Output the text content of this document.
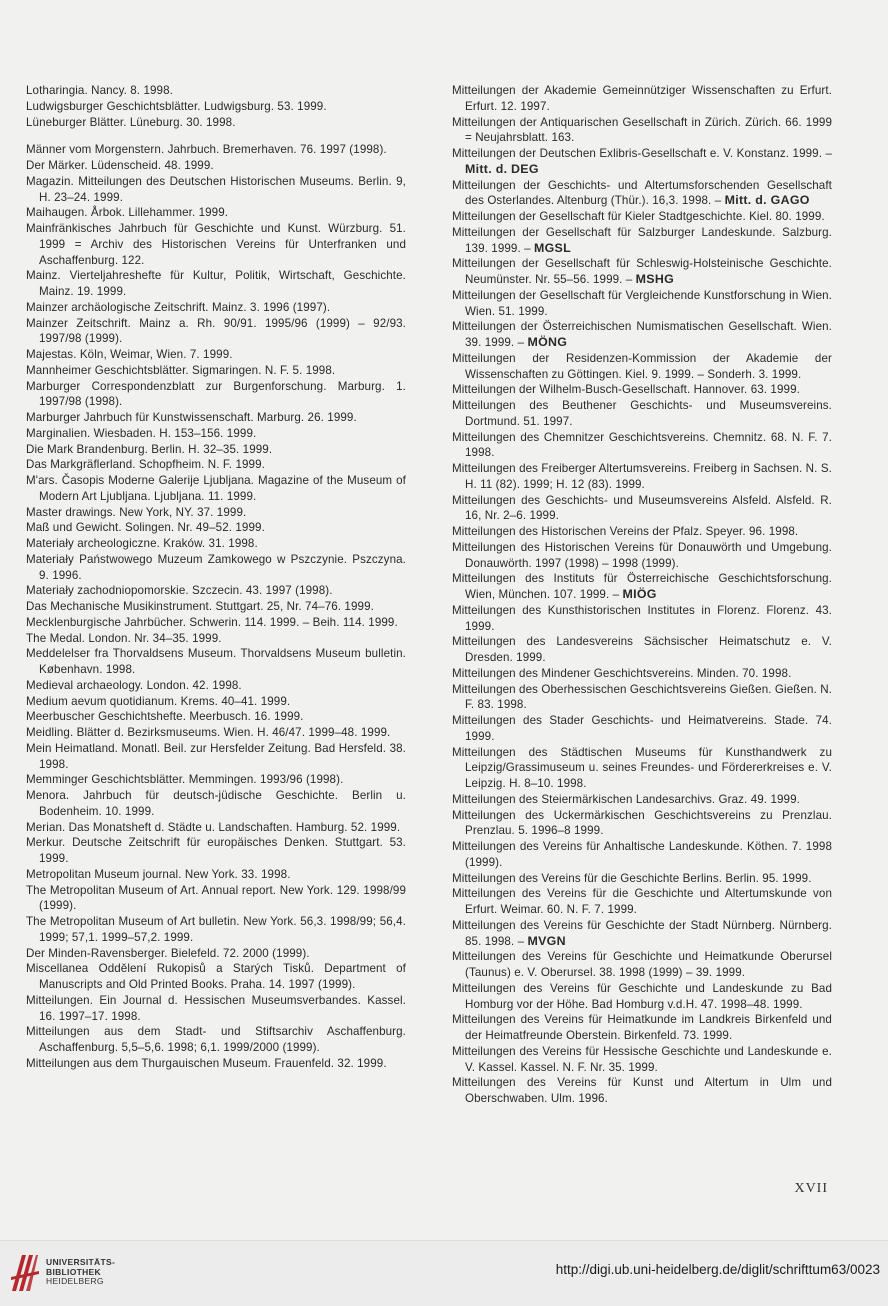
Lotharingia. Nancy. 8. 1998.

Ludwigsburger Geschichtsblätter. Ludwigsburg. 53. 1999.

Lüneburger Blätter. Lüneburg. 30. 1998.

Männer vom Morgenstern. Jahrbuch. Bremerhaven. 76. 1997 (1998).

Der Märker. Lüdenscheid. 48. 1999.

Magazin. Mitteilungen des Deutschen Historischen Museums. Berlin. 9, H. 23–24. 1999.

Maihaugen. Årbok. Lillehammer. 1999.

Mainfränkisches Jahrbuch für Geschichte und Kunst. Würzburg. 51. 1999 = Archiv des Historischen Vereins für Unterfranken und Aschaffenburg. 122.

Mainz. Vierteljahreshefte für Kultur, Politik, Wirtschaft, Geschichte. Mainz. 19. 1999.

Mainzer archäologische Zeitschrift. Mainz. 3. 1996 (1997).

Mainzer Zeitschrift. Mainz a. Rh. 90/91. 1995/96 (1999) – 92/93. 1997/98 (1999).

Majestas. Köln, Weimar, Wien. 7. 1999.

Mannheimer Geschichtsblätter. Sigmaringen. N. F. 5. 1998.

Marburger Correspondenzblatt zur Burgenforschung. Marburg. 1. 1997/98 (1998).

Marburger Jahrbuch für Kunstwissenschaft. Marburg. 26. 1999.

Marginalien. Wiesbaden. H. 153–156. 1999.

Die Mark Brandenburg. Berlin. H. 32–35. 1999.

Das Markgräflerland. Schopfheim. N. F. 1999.

M'ars. Časopis Moderne Galerije Ljubljana. Magazine of the Museum of Modern Art Ljubljana. Ljubljana. 11. 1999.

Master drawings. New York, NY. 37. 1999.

Maß und Gewicht. Solingen. Nr. 49–52. 1999.

Materiały archeologiczne. Kraków. 31. 1998.

Materiały Państwowego Muzeum Zamkowego w Pszczynie. Pszczyna. 9. 1996.

Materiały zachodniopomorskie. Szczecin. 43. 1997 (1998).

Das Mechanische Musikinstrument. Stuttgart. 25, Nr. 74–76. 1999.

Mecklenburgische Jahrbücher. Schwerin. 114. 1999. – Beih. 114. 1999.

The Medal. London. Nr. 34–35. 1999.

Meddelelser fra Thorvaldsens Museum. Thorvaldsens Museum bulletin. København. 1998.

Medieval archaeology. London. 42. 1998.

Medium aevum quotidianum. Krems. 40–41. 1999.

Meerbuscher Geschichtshefte. Meerbusch. 16. 1999.

Meidling. Blätter d. Bezirksmuseums. Wien. H. 46/47. 1999–48. 1999.

Mein Heimatland. Monatl. Beil. zur Hersfelder Zeitung. Bad Hersfeld. 38. 1998.

Memminger Geschichtsblätter. Memmingen. 1993/96 (1998).

Menora. Jahrbuch für deutsch-jüdische Geschichte. Berlin u. Bodenheim. 10. 1999.

Merian. Das Monatsheft d. Städte u. Landschaften. Hamburg. 52. 1999.

Merkur. Deutsche Zeitschrift für europäisches Denken. Stuttgart. 53. 1999.

Metropolitan Museum journal. New York. 33. 1998.

The Metropolitan Museum of Art. Annual report. New York. 129. 1998/99 (1999).

The Metropolitan Museum of Art bulletin. New York. 56,3. 1998/99; 56,4. 1999; 57,1. 1999–57,2. 1999.

Der Minden-Ravensberger. Bielefeld. 72. 2000 (1999).

Miscellanea Oddělení Rukopisů a Starých Tisků. Department of Manuscripts and Old Printed Books. Praha. 14. 1997 (1999).

Mitteilungen. Ein Journal d. Hessischen Museumsverbandes. Kassel. 16. 1997–17. 1998.

Mitteilungen aus dem Stadt- und Stiftsarchiv Aschaffenburg. Aschaffenburg. 5,5–5,6. 1998; 6,1. 1999/2000 (1999).

Mitteilungen aus dem Thurgauischen Museum. Frauenfeld. 32. 1999.

Mitteilungen der Akademie Gemeinnütziger Wissenschaften zu Erfurt. Erfurt. 12. 1997.

Mitteilungen der Antiquarischen Gesellschaft in Zürich. Zürich. 66. 1999 = Neujahrsblatt. 163.

Mitteilungen der Deutschen Exlibris-Gesellschaft e. V. Konstanz. 1999. – Mitt. d. DEG

Mitteilungen der Geschichts- und Altertumsforschenden Gesellschaft des Osterlandes. Altenburg (Thür.). 16,3. 1998. – Mitt. d. GAGO

Mitteilungen der Gesellschaft für Kieler Stadtgeschichte. Kiel. 80. 1999.

Mitteilungen der Gesellschaft für Salzburger Landeskunde. Salzburg. 139. 1999. – MGSL

Mitteilungen der Gesellschaft für Schleswig-Holsteinische Geschichte. Neumünster. Nr. 55–56. 1999. – MSHG

Mitteilungen der Gesellschaft für Vergleichende Kunstforschung in Wien. Wien. 51. 1999.

Mitteilungen der Österreichischen Numismatischen Gesellschaft. Wien. 39. 1999. – MÖNG

Mitteilungen der Residenzen-Kommission der Akademie der Wissenschaften zu Göttingen. Kiel. 9. 1999. – Sonderh. 3. 1999.

Mitteilungen der Wilhelm-Busch-Gesellschaft. Hannover. 63. 1999.

Mitteilungen des Beuthener Geschichts- und Museumsvereins. Dortmund. 51. 1997.

Mitteilungen des Chemnitzer Geschichtsvereins. Chemnitz. 68. N. F. 7. 1998.

Mitteilungen des Freiberger Altertumsvereins. Freiberg in Sachsen. N. S. H. 11 (82). 1999; H. 12 (83). 1999.

Mitteilungen des Geschichts- und Museumsvereins Alsfeld. Alsfeld. R. 16, Nr. 2–6. 1999.

Mitteilungen des Historischen Vereins der Pfalz. Speyer. 96. 1998.

Mitteilungen des Historischen Vereins für Donauwörth und Umgebung. Donauwörth. 1997 (1998) – 1998 (1999).

Mitteilungen des Instituts für Österreichische Geschichtsforschung. Wien, München. 107. 1999. – MIÖG

Mitteilungen des Kunsthistorischen Institutes in Florenz. Florenz. 43. 1999.

Mitteilungen des Landesvereins Sächsischer Heimatschutz e. V. Dresden. 1999.

Mitteilungen des Mindener Geschichtsvereins. Minden. 70. 1998.

Mitteilungen des Oberhessischen Geschichtsvereins Gießen. Gießen. N. F. 83. 1998.

Mitteilungen des Stader Geschichts- und Heimatvereins. Stade. 74. 1999.

Mitteilungen des Städtischen Museums für Kunsthandwerk zu Leipzig/Grassimuseum u. seines Freundes- und Fördererkreises e. V. Leipzig. H. 8–10. 1998.

Mitteilungen des Steiermärkischen Landesarchivs. Graz. 49. 1999.

Mitteilungen des Uckermärkischen Geschichtsvereins zu Prenzlau. Prenzlau. 5. 1996–8 1999.

Mitteilungen des Vereins für Anhaltische Landeskunde. Köthen. 7. 1998 (1999).

Mitteilungen des Vereins für die Geschichte Berlins. Berlin. 95. 1999.

Mitteilungen des Vereins für die Geschichte und Altertumskunde von Erfurt. Weimar. 60. N. F. 7. 1999.

Mitteilungen des Vereins für Geschichte der Stadt Nürnberg. Nürnberg. 85. 1998. – MVGN

Mitteilungen des Vereins für Geschichte und Heimatkunde Oberursel (Taunus) e. V. Oberursel. 38. 1998 (1999) – 39. 1999.

Mitteilungen des Vereins für Geschichte und Landeskunde zu Bad Homburg vor der Höhe. Bad Homburg v.d.H. 47. 1998–48. 1999.

Mitteilungen des Vereins für Heimatkunde im Landkreis Birkenfeld und der Heimatfreunde Oberstein. Birkenfeld. 73. 1999.

Mitteilungen des Vereins für Hessische Geschichte und Landeskunde e. V. Kassel. Kassel. N. F. Nr. 35. 1999.

Mitteilungen des Vereins für Kunst und Altertum in Ulm und Oberschwaben. Ulm. 1996.

XVII
UNIVERSITÄTS-
BIBLIOTHEK
HEIDELBERG
http://digi.ub.uni-heidelberg.de/diglit/schrifttum63/0023
